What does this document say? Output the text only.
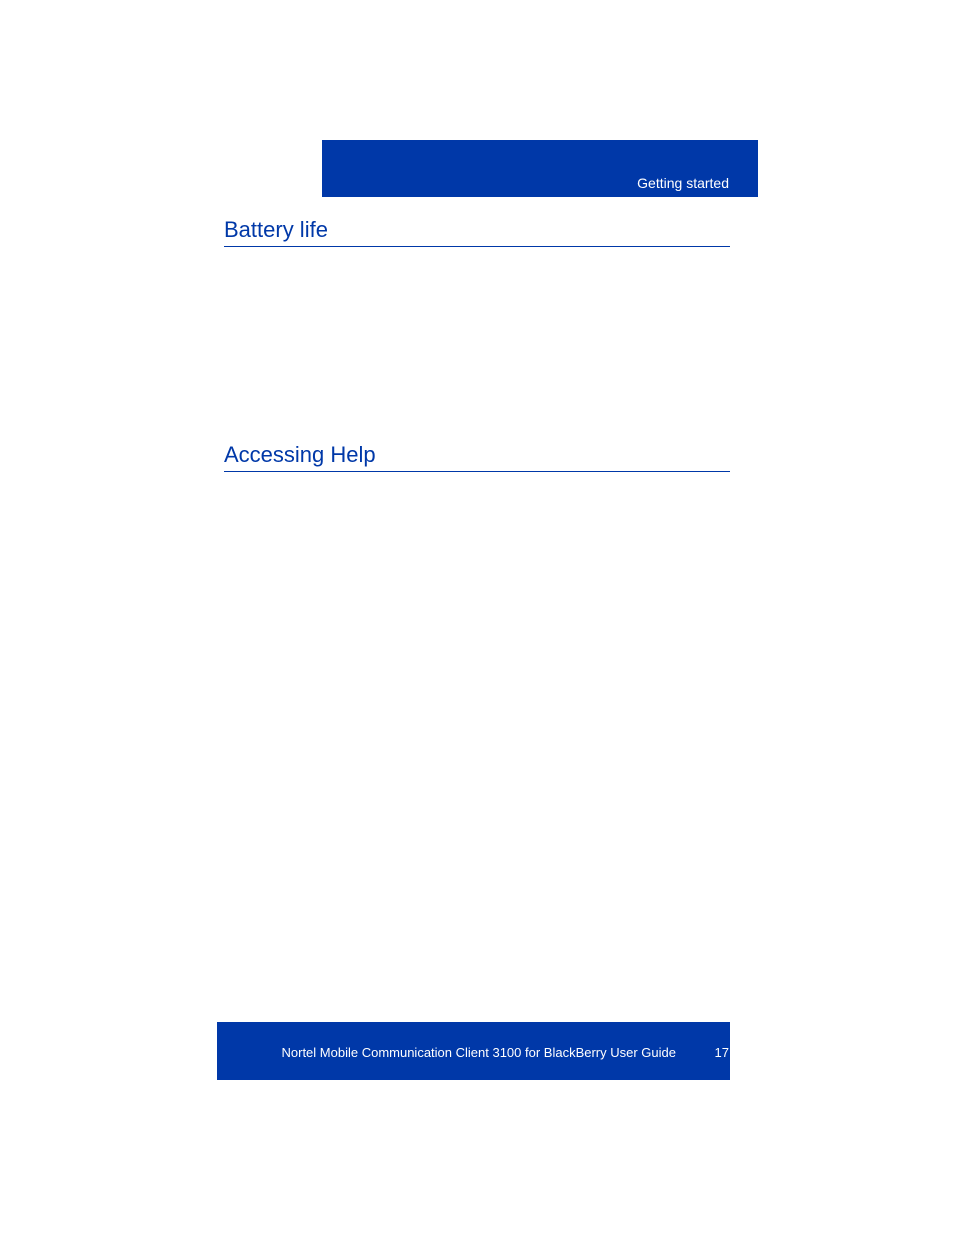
Getting started
Battery life
Accessing Help
Nortel Mobile Communication Client 3100 for BlackBerry User Guide	17
